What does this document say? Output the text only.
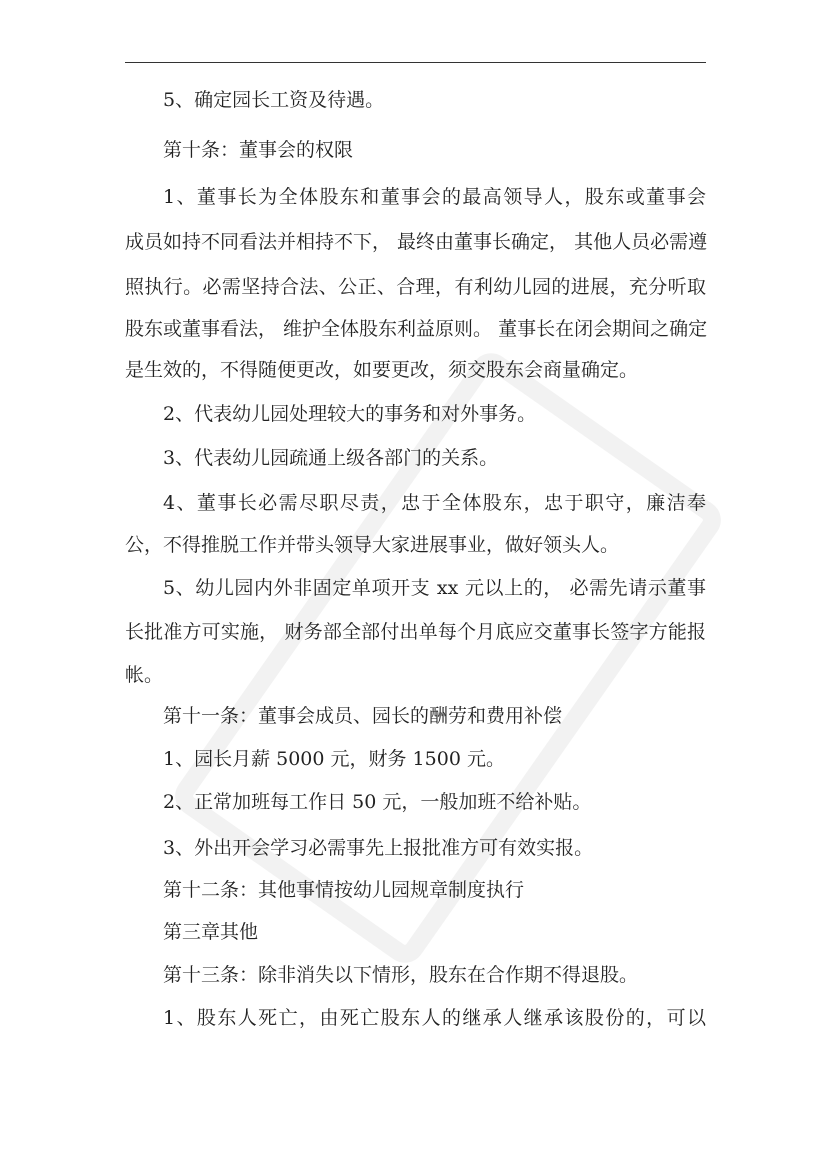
5、确定园长工资及待遇。
第十条：董事会的权限
1、董事长为全体股东和董事会的最高领导人，股东或董事会
成员如持不同看法并相持不下， 最终由董事长确定， 其他人员必需遵
照执行。必需坚持合法、公正、合理，有利幼儿园的进展，充分听取
股东或董事看法， 维护全体股东利益原则。 董事长在闭会期间之确定
是生效的，不得随便更改，如要更改，须交股东会商量确定。
2、代表幼儿园处理较大的事务和对外事务。
3、代表幼儿园疏通上级各部门的关系。
4、董事长必需尽职尽责，忠于全体股东，忠于职守，廉洁奉
公，不得推脱工作并带头领导大家进展事业，做好领头人。
5、幼儿园内外非固定单项开支 xx 元以上的， 必需先请示董事
长批准方可实施， 财务部全部付出单每个月底应交董事长签字方能报
帐。
第十一条：董事会成员、园长的酬劳和费用补偿
1、园长月薪 5000 元，财务 1500 元。
2、正常加班每工作日 50 元，一般加班不给补贴。
3、外出开会学习必需事先上报批准方可有效实报。
第十二条：其他事情按幼儿园规章制度执行
第三章其他
第十三条：除非消失以下情形，股东在合作期不得退股。
1、股东人死亡，由死亡股东人的继承人继承该股份的，可以
